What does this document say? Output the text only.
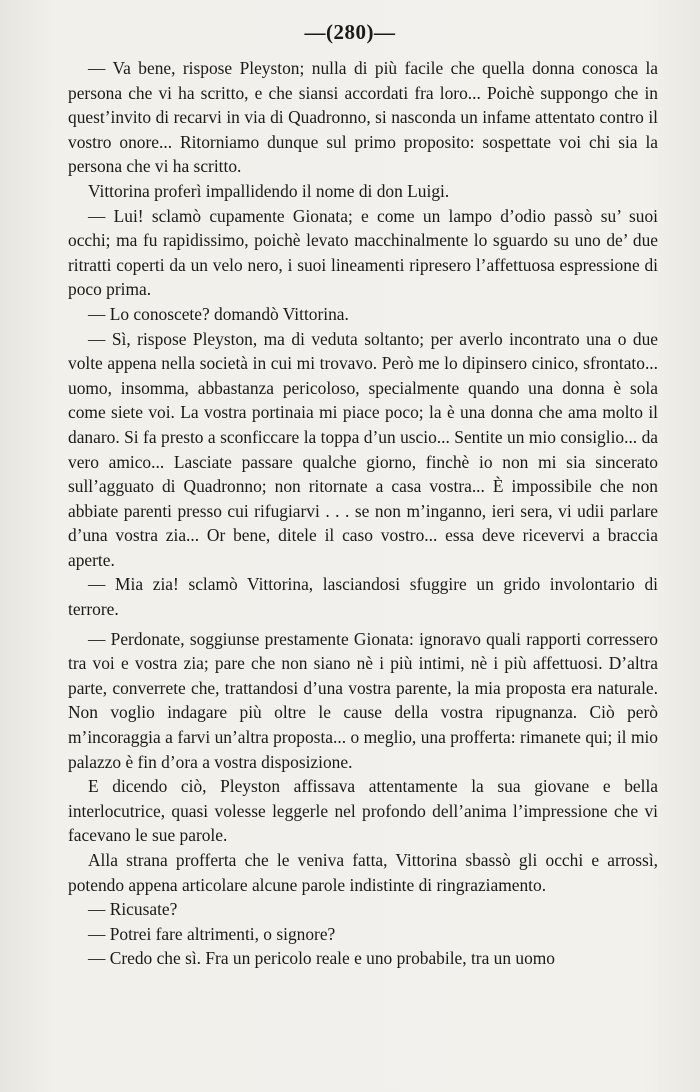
—(280)—

— Va bene, rispose Pleyston; nulla di più facile che quella donna conosca la persona che vi ha scritto, e che siansi accordati fra loro... Poichè suppongo che in quest’invito di recarvi in via di Quadronno, si nasconda un infame attentato contro il vostro onore... Ritorniamo dunque sul primo proposito: sospettate voi chi sia la persona che vi ha scritto.

Vittorina proferì impallidendo il nome di don Luigi.

— Lui! sclamò cupamente Gionata; e come un lampo d’odio passò su’ suoi occhi; ma fu rapidissimo, poichè levato macchinalmente lo sguardo su uno de’ due ritratti coperti da un velo nero, i suoi lineamenti ripresero l’affettuosa espressione di poco prima.

— Lo conoscete? domandò Vittorina.

— Sì, rispose Pleyston, ma di veduta soltanto; per averlo incontrato una o due volte appena nella società in cui mi trovavo. Però me lo dipinsero cinico, sfrontato... uomo, insomma, abbastanza pericoloso, specialmente quando una donna è sola come siete voi. La vostra portinaia mi piace poco; la è una donna che ama molto il danaro. Si fa presto a sconficcare la toppa d’un uscio... Sentite un mio consiglio... da vero amico... Lasciate passare qualche giorno, finchè io non mi sia sincerato sull’agguato di Quadronno; non ritornate a casa vostra... È impossibile che non abbiate parenti presso cui rifugiarvi . . . se non m’inganno, ieri sera, vi udii parlare d’una vostra zia... Or bene, ditele il caso vostro... essa deve ricevervi a braccia aperte.

— Mia zia! sclamò Vittorina, lasciandosi sfuggire un grido involontario di terrore.

— Perdonate, soggiunse prestamente Gionata: ignoravo quali rapporti corressero tra voi e vostra zia; pare che non siano nè i più intimi, nè i più affettuosi. D’altra parte, converrete che, trattandosi d’una vostra parente, la mia proposta era naturale. Non voglio indagare più oltre le cause della vostra ripugnanza. Ciò però m’incoraggia a farvi un’altra proposta... o meglio, una profferta: rimanete qui; il mio palazzo è fin d’ora a vostra disposizione.

E dicendo ciò, Pleyston affissava attentamente la sua giovane e bella interlocutrice, quasi volesse leggerle nel profondo dell’anima l’impressione che vi facevano le sue parole.

Alla strana profferta che le veniva fatta, Vittorina sbassò gli occhi e arrossì, potendo appena articolare alcune parole indistinte di ringraziamento.

— Ricusate?

— Potrei fare altrimenti, o signore?

— Credo che sì. Fra un pericolo reale e uno probabile, tra un uomo
